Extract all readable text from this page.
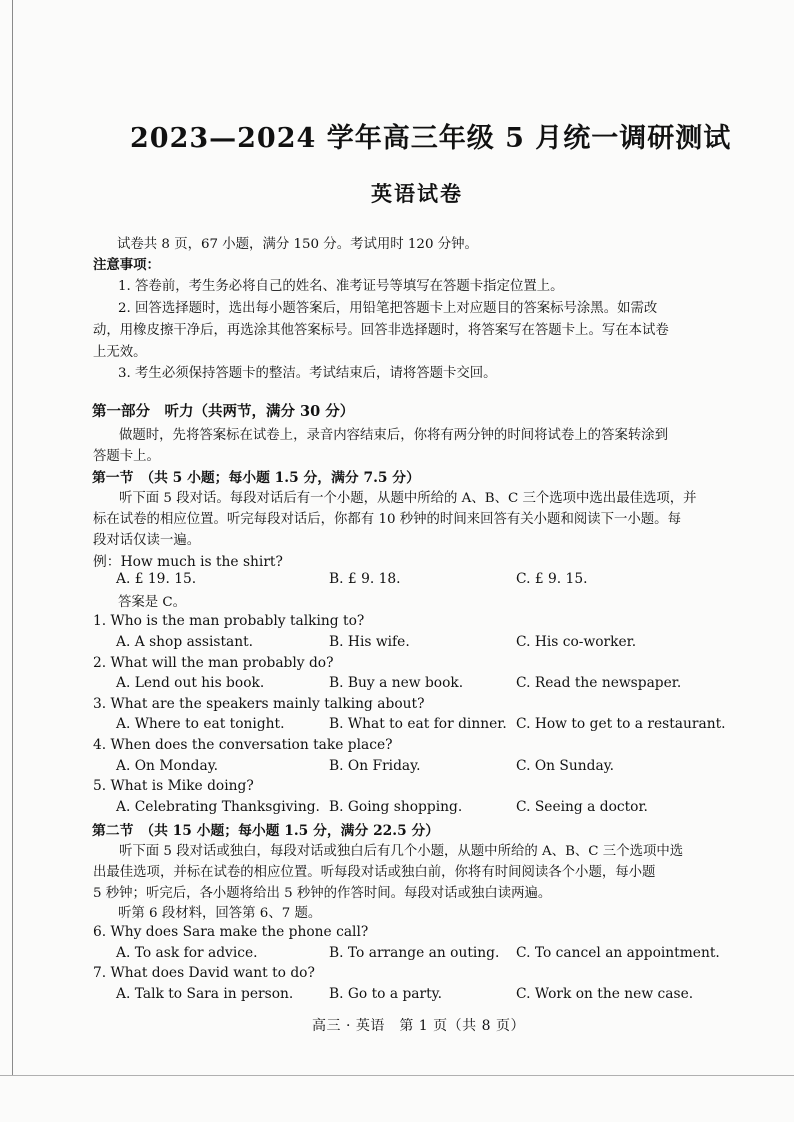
2023—2024 学年高三年级 5 月统一调研测试
英语试卷
试卷共 8 页，67 小题，满分 150 分。考试用时 120 分钟。
注意事项：
1. 答卷前，考生务必将自己的姓名、准考证号等填写在答题卡指定位置上。
2. 回答选择题时，选出每小题答案后，用铅笔把答题卡上对应题目的答案标号涂黑。如需改
动，用橡皮擦干净后，再选涂其他答案标号。回答非选择题时，将答案写在答题卡上。写在本试卷
上无效。
3. 考生必须保持答题卡的整洁。考试结束后，请将答题卡交回。
第一部分　听力（共两节，满分 30 分）
做题时，先将答案标在试卷上，录音内容结束后，你将有两分钟的时间将试卷上的答案转涂到
答题卡上。
第一节　（共 5 小题；每小题 1.5 分，满分 7.5 分）
听下面 5 段对话。每段对话后有一个小题，从题中所给的 A、B、C 三个选项中选出最佳选项，并
标在试卷的相应位置。听完每段对话后，你都有 10 秒钟的时间来回答有关小题和阅读下一小题。每
段对话仅读一遍。
例：How much is the shirt?
A. £ 19. 15.	B. £ 9. 18.	C. £ 9. 15.
答案是 C。
1. Who is the man probably talking to?
A. A shop assistant.	B. His wife.	C. His co-worker.
2. What will the man probably do?
A. Lend out his book.	B. Buy a new book.	C. Read the newspaper.
3. What are the speakers mainly talking about?
A. Where to eat tonight.	B. What to eat for dinner. C. How to get to a restaurant.
4. When does the conversation take place?
A. On Monday.	B. On Friday.	C. On Sunday.
5. What is Mike doing?
A. Celebrating Thanksgiving. B. Going shopping.	C. Seeing a doctor.
第二节　（共 15 小题；每小题 1.5 分，满分 22.5 分）
听下面 5 段对话或独白，每段对话或独白后有几个小题，从题中所给的 A、B、C 三个选项中选
出最佳选项，并标在试卷的相应位置。听每段对话或独白前，你将有时间阅读各个小题，每小题
5 秒钟；听完后，各小题将给出 5 秒钟的作答时间。每段对话或独白读两遍。
听第 6 段材料，回答第 6、7 题。
6. Why does Sara make the phone call?
A. To ask for advice.	B. To arrange an outing. C. To cancel an appointment.
7. What does David want to do?
A. Talk to Sara in person.	B. Go to a party.	C. Work on the new case.
高三 · 英语　第 1 页（共 8 页）
